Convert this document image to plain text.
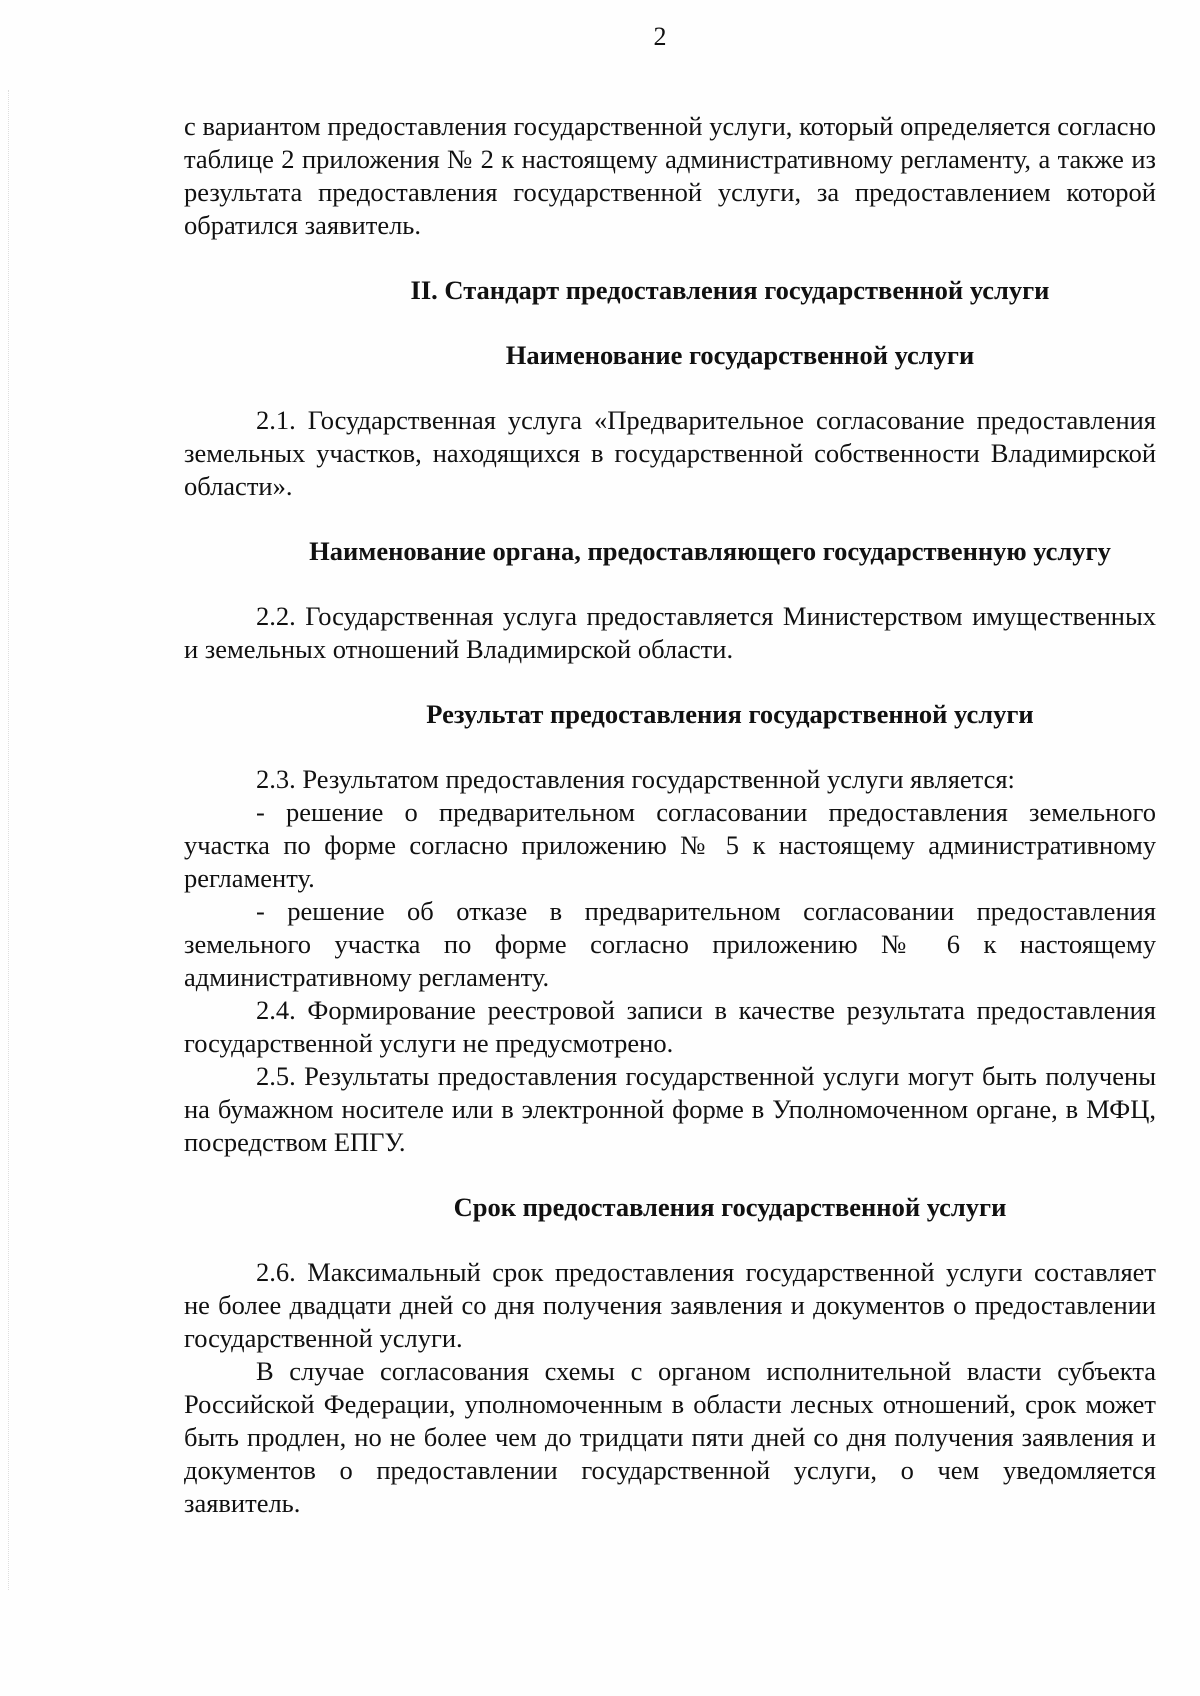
2

с вариантом предоставления государственной услуги, который определяется согласно таблице 2 приложения № 2 к настоящему административному регламенту, а также из результата предоставления государственной услуги, за предоставлением которой обратился заявитель.

II. Стандарт предоставления государственной услуги

Наименование государственной услуги

2.1. Государственная услуга «Предварительное согласование предоставления земельных участков, находящихся в государственной собственности Владимирской области».

Наименование органа, предоставляющего государственную услугу

2.2. Государственная услуга предоставляется Министерством имущественных и земельных отношений Владимирской области.

Результат предоставления государственной услуги

2.3. Результатом предоставления государственной услуги является:

- решение о предварительном согласовании предоставления земельного участка по форме согласно приложению № 5 к настоящему административному регламенту.

- решение об отказе в предварительном согласовании предоставления земельного участка по форме согласно приложению № 6 к настоящему административному регламенту.

2.4. Формирование реестровой записи в качестве результата предоставления государственной услуги не предусмотрено.

2.5. Результаты предоставления государственной услуги могут быть получены на бумажном носителе или в электронной форме в Уполномоченном органе, в МФЦ, посредством ЕПГУ.

Срок предоставления государственной услуги

2.6. Максимальный срок предоставления государственной услуги составляет не более двадцати дней со дня получения заявления и документов о предоставлении государственной услуги.

В случае согласования схемы с органом исполнительной власти субъекта Российской Федерации, уполномоченным в области лесных отношений, срок может быть продлен, но не более чем до тридцати пяти дней со дня получения заявления и документов о предоставлении государственной услуги, о чем уведомляется заявитель.
